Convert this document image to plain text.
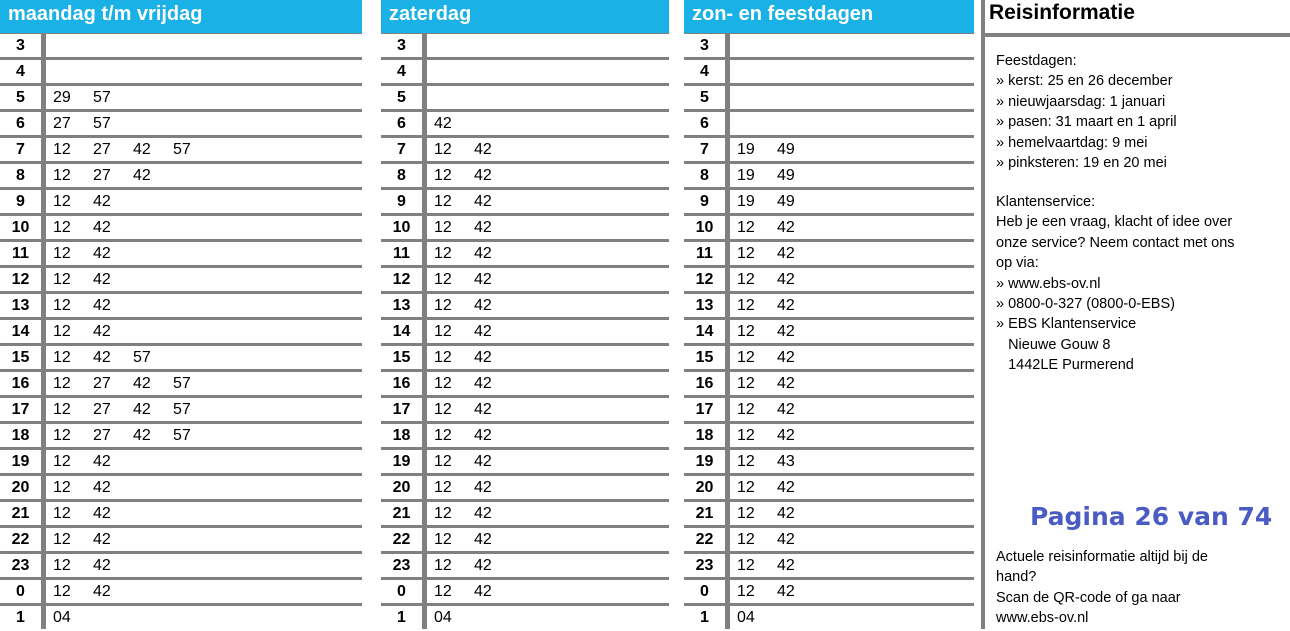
maandag t/m vrijdag
3
4
5	29 57
6	27 57
7	12 27 42 57
8	12 27 42
9	12 42
10	12 42
11	12 42
12	12 42
13	12 42
14	12 42
15	12 42 57
16	12 27 42 57
17	12 27 42 57
18	12 27 42 57
19	12 42
20	12 42
21	12 42
22	12 42
23	12 42
0	12 42
1	04
zaterdag
3
4
5
6	42
7	12 42
8	12 42
9	12 42
10	12 42
11	12 42
12	12 42
13	12 42
14	12 42
15	12 42
16	12 42
17	12 42
18	12 42
19	12 42
20	12 42
21	12 42
22	12 42
23	12 42
0	12 42
1	04
zon- en feestdagen
3
4
5
6
7	19 49
8	19 49
9	19 49
10	12 42
11	12 42
12	12 42
13	12 42
14	12 42
15	12 42
16	12 42
17	12 42
18	12 42
19	12 43
20	12 42
21	12 42
22	12 42
23	12 42
0	12 42
1	04
Reisinformatie
Feestdagen:
» kerst: 25 en 26 december
» nieuwjaarsdag: 1 januari
» pasen: 31 maart en 1 april
» hemelvaartdag: 9 mei
» pinksteren: 19 en 20 mei
Klantenservice:
Heb je een vraag, klacht of idee over
onze service? Neem contact met ons
op via:
» www.ebs-ov.nl
» 0800-0-327 (0800-0-EBS)
» EBS Klantenservice
Nieuwe Gouw 8
1442LE Purmerend
Pagina 26 van 74
Actuele reisinformatie altijd bij de
hand?
Scan de QR-code of ga naar
www.ebs-ov.nl
